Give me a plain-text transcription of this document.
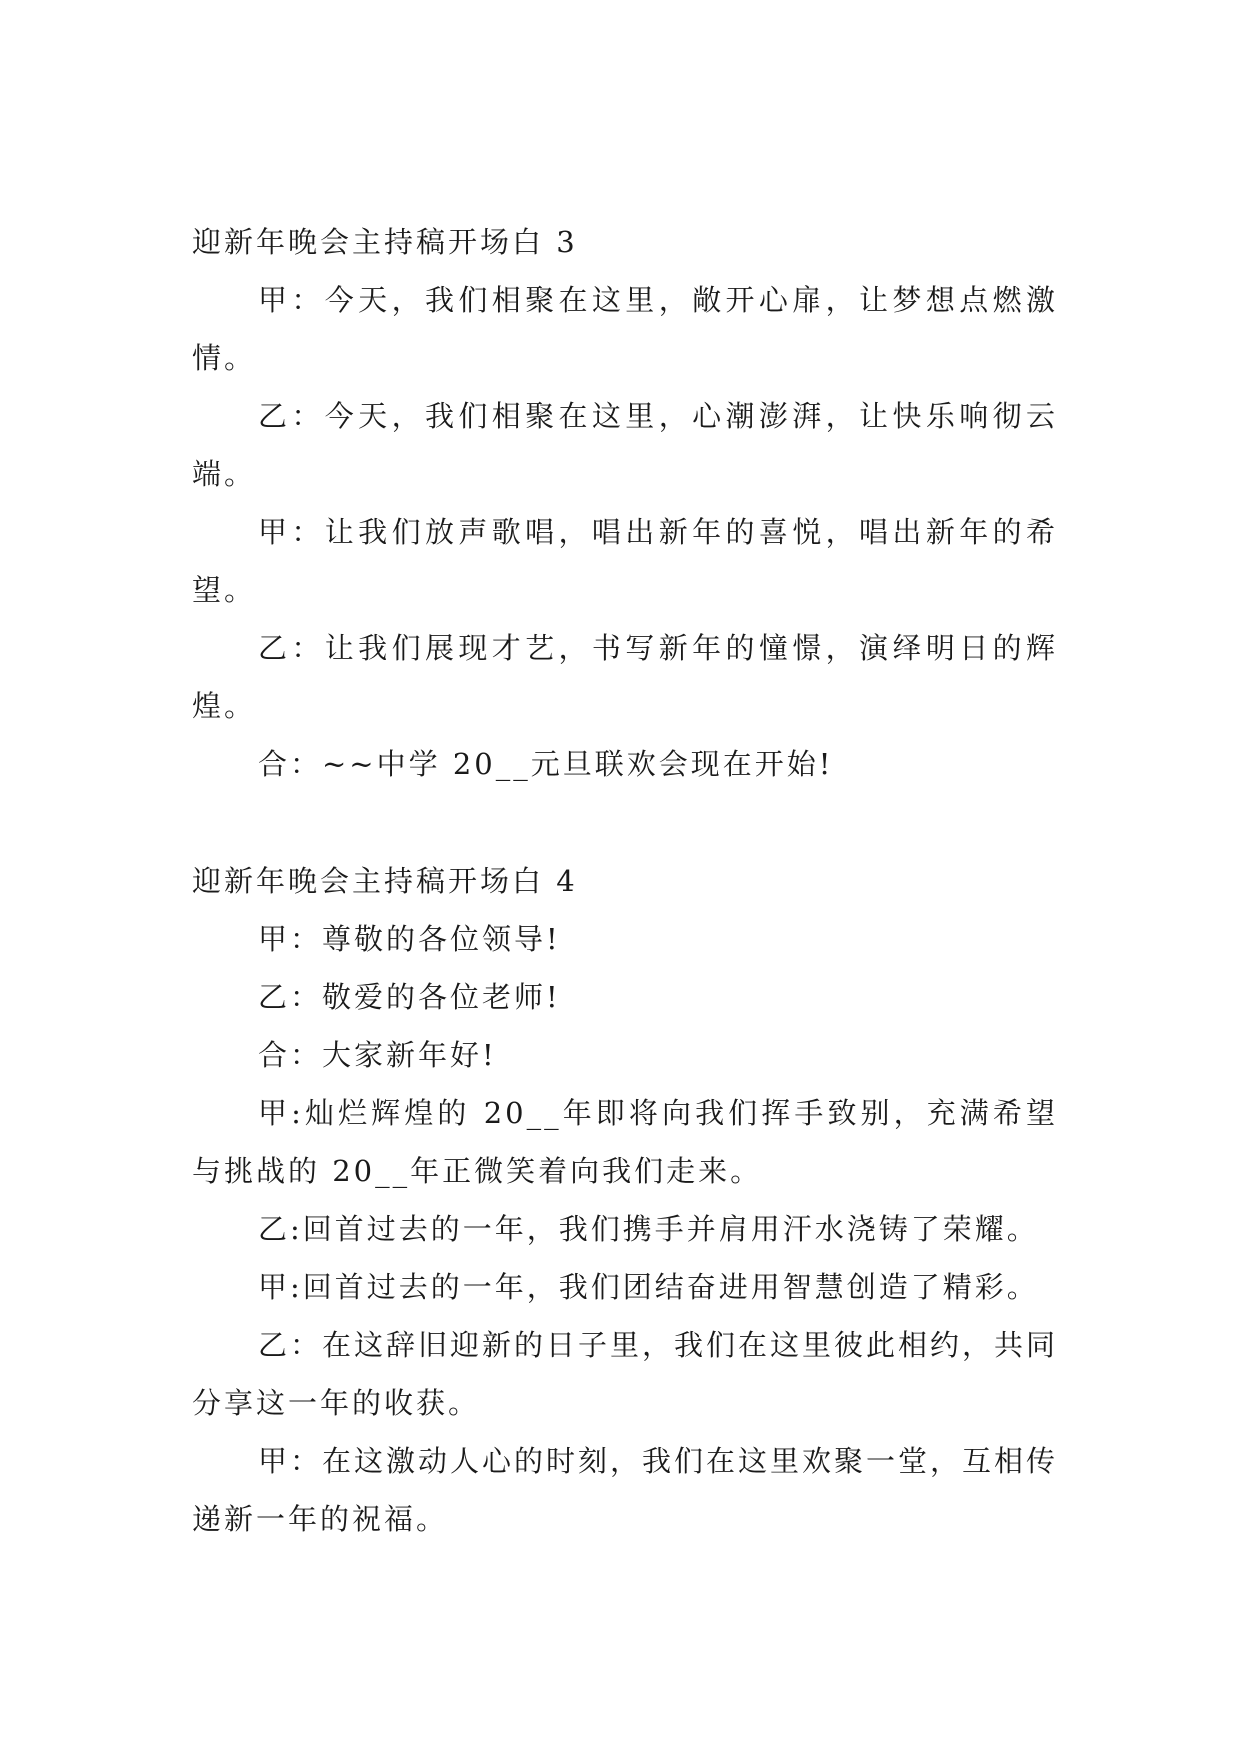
迎新年晚会主持稿开场白 3

甲：今天，我们相聚在这里，敞开心扉，让梦想点燃激情。

乙：今天，我们相聚在这里，心潮澎湃，让快乐响彻云端。

甲：让我们放声歌唱，唱出新年的喜悦，唱出新年的希望。

乙：让我们展现才艺，书写新年的憧憬，演绎明日的辉煌。

合：~~中学 20__元旦联欢会现在开始!

迎新年晚会主持稿开场白 4

甲：尊敬的各位领导!

乙：敬爱的各位老师!

合：大家新年好!

甲:灿烂辉煌的 20__年即将向我们挥手致别，充满希望与挑战的 20__年正微笑着向我们走来。

乙:回首过去的一年，我们携手并肩用汗水浇铸了荣耀。

甲:回首过去的一年，我们团结奋进用智慧创造了精彩。

乙：在这辞旧迎新的日子里，我们在这里彼此相约，共同分享这一年的收获。

甲：在这激动人心的时刻，我们在这里欢聚一堂，互相传递新一年的祝福。
